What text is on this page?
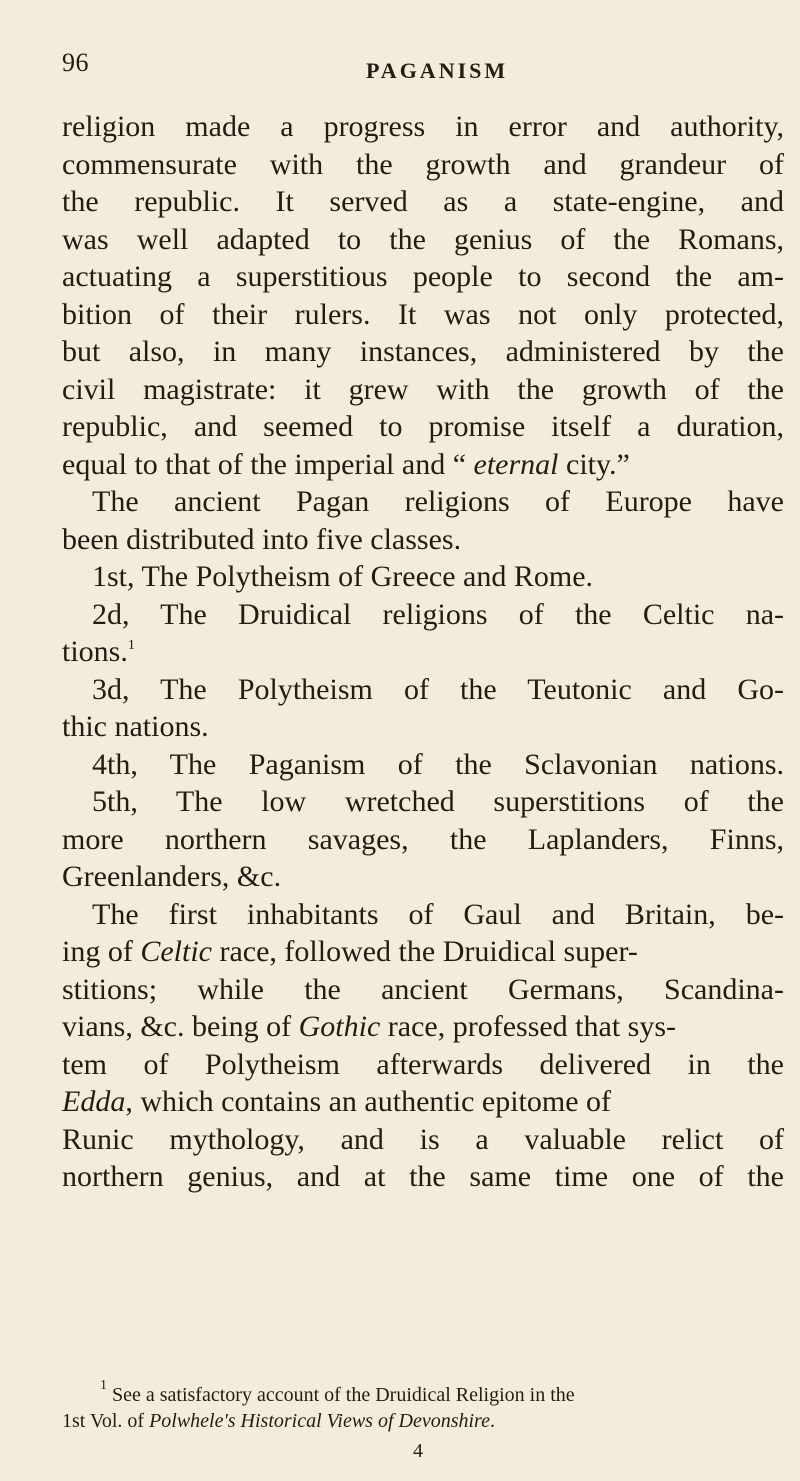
96	PAGANISM
religion made a progress in error and authority,
commensurate with the growth and grandeur of
the republic. It served as a state-engine, and
was well adapted to the genius of the Romans,
actuating a superstitious people to second the am-
bition of their rulers. It was not only protected,
but also, in many instances, administered by the
civil magistrate: it grew with the growth of the
republic, and seemed to promise itself a duration,
equal to that of the imperial and “ eternal city.”
The ancient Pagan religions of Europe have
been distributed into five classes.
1st, The Polytheism of Greece and Rome.
2d, The Druidical religions of the Celtic na-
tions.$^1$
3d, The Polytheism of the Teutonic and Go-
thic nations.
4th, The Paganism of the Sclavonian nations.
5th, The low wretched superstitions of the
more northern savages, the Laplanders, Finns,
Greenlanders, &c.
The first inhabitants of Gaul and Britain, be-
ing of Celtic race, followed the Druidical super-
stitions; while the ancient Germans, Scandina-
vians, &c. being of Gothic race, professed that sys-
tem of Polytheism afterwards delivered in the
Edda, which contains an authentic epitome of
Runic mythology, and is a valuable relict of
northern genius, and at the same time one of the
$^1$ See a satisfactory account of the Druidical Religion in the
1st Vol. of Polwhele's Historical Views of Devonshire.
4
